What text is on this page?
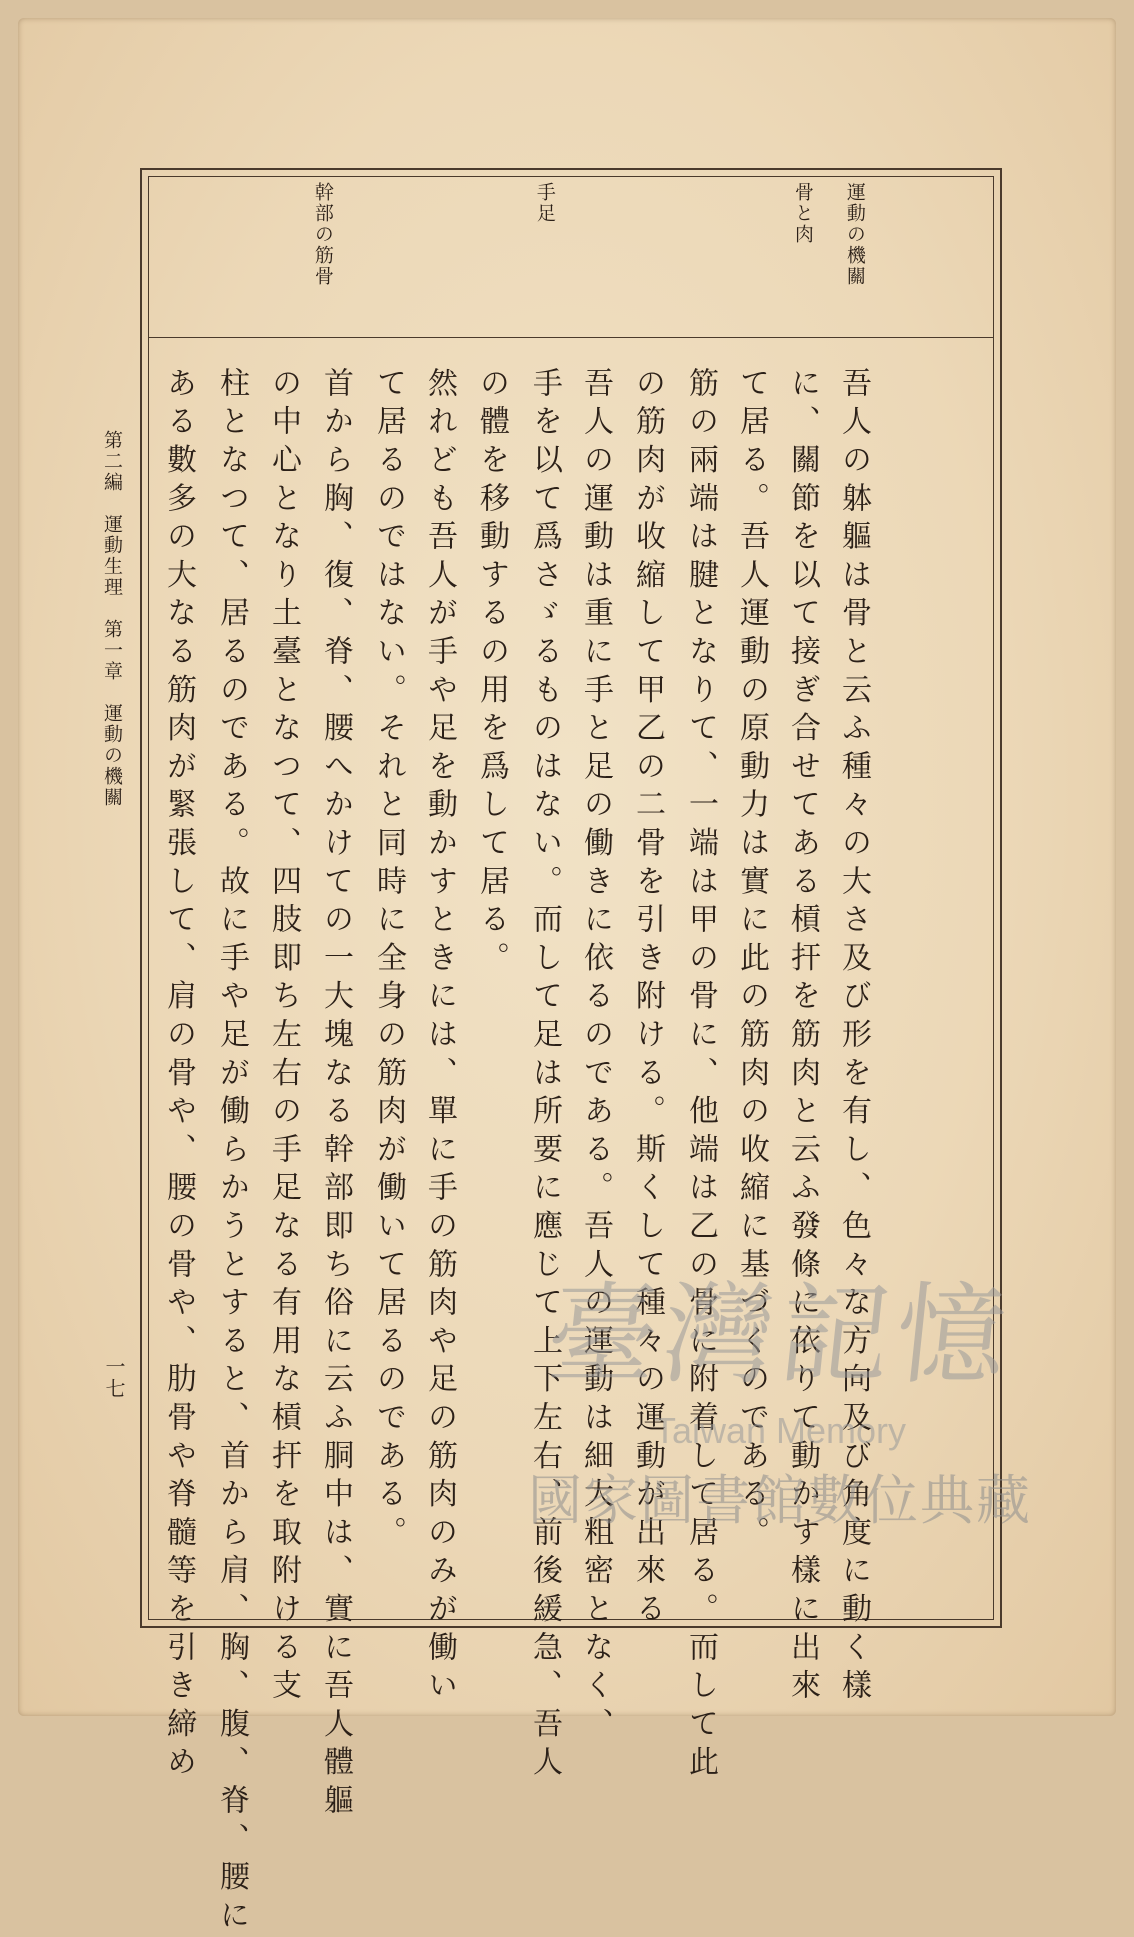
運動の機關
骨と肉
手足
幹部の筋骨
吾人の躰軀は骨と云ふ種々の大さ及び形を有し、色々な方向及び角度に動く樣
に、關節を以て接ぎ合せてある槓扞を筋肉と云ふ發條に依りて動かす樣に出來
て居る。吾人運動の原動力は實に此の筋肉の收縮に基づくのである。
筋の兩端は腱となりて、一端は甲の骨に、他端は乙の骨に附着して居る。而して此
の筋肉が收縮して甲乙の二骨を引き附ける。斯くして種々の運動が出來る
吾人の運動は重に手と足の働きに依るのである。吾人の運動は細大粗密となく、
手を以て爲さゞるものはない。而して足は所要に應じて上下左右、前後緩急、吾人
の體を移動するの用を爲して居る。
然れども吾人が手や足を動かすときには、單に手の筋肉や足の筋肉のみが働い
て居るのではない。それと同時に全身の筋肉が働いて居るのである。
首から胸、復、脊、腰へかけての一大塊なる幹部即ち俗に云ふ胴中は、實に吾人體軀
の中心となり土臺となつて、四肢即ち左右の手足なる有用な槓扞を取附ける支
柱となつて、居るのである。故に手や足が働らかうとすると、首から肩、胸、腹、脊、腰に
ある數多の大なる筋肉が緊張して、肩の骨や、腰の骨や、肋骨や脊髓等を引き締め
第二編　運動生理　第一章　運動の機關
一七	臺灣記憶
Taiwan Memory
國家圖書館數位典藏
